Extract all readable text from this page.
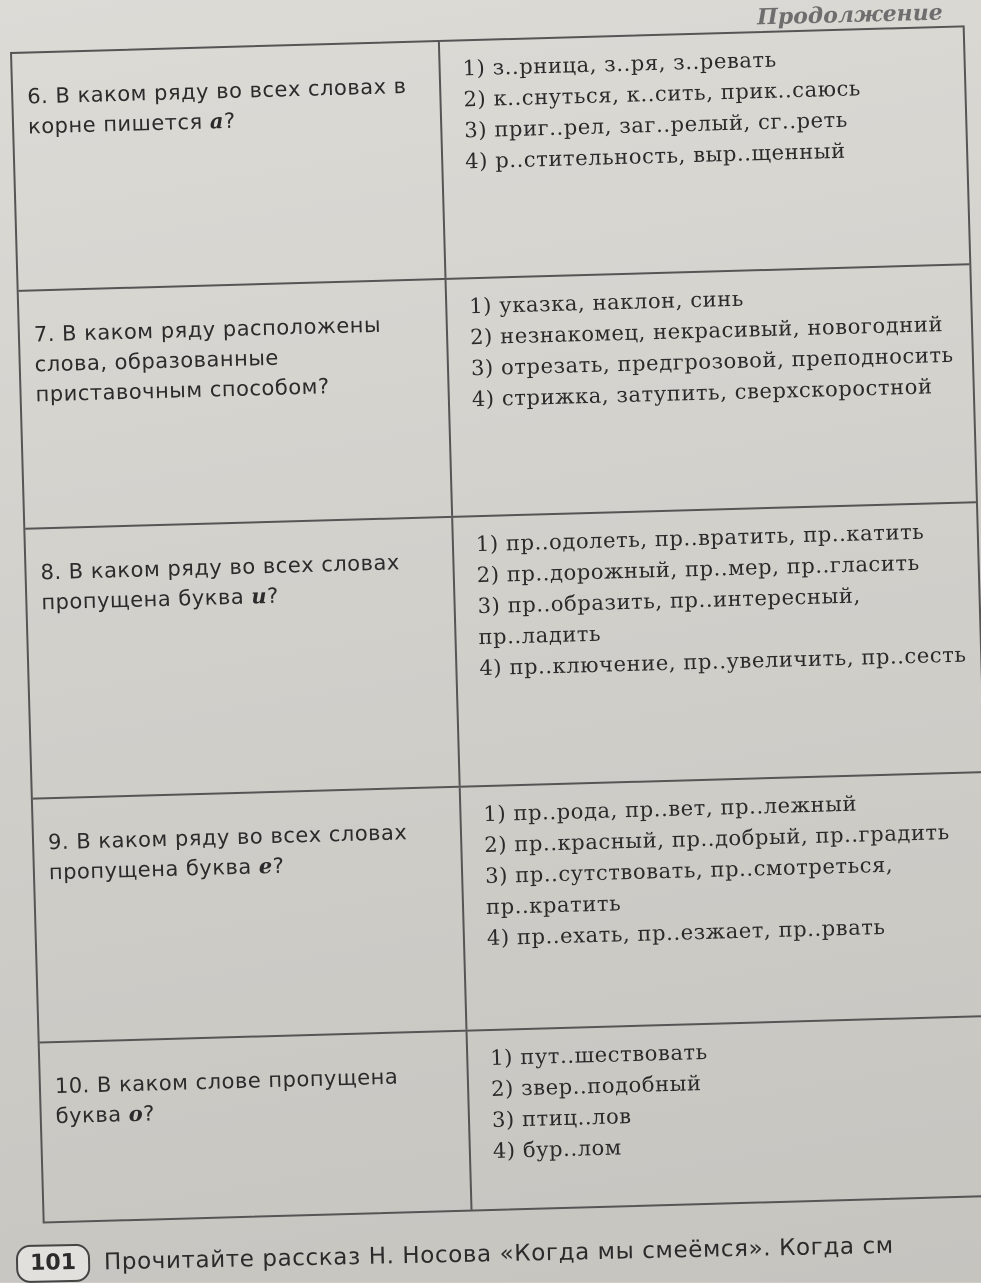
Продолжение
6. В каком ряду во всех словах в корне пишется а?
1) з..рница, з..ря, з..ревать
2) к..снуться, к..сить, прик..саюсь
3) приг..рел, заг..релый, сг..реть
4) р..стительность, выр..щенный
7. В каком ряду расположены слова, образованные приставочным способом?
1) указка, наклон, синь
2) незнакомец, некрасивый, новогодний
3) отрезать, предгрозовой, преподносить
4) стрижка, затупить, сверхскоростной
8. В каком ряду во всех словах пропущена буква и?
1) пр..одолеть, пр..вратить, пр..катить
2) пр..дорожный, пр..мер, пр..гласить
3) пр..образить, пр..интересный, пр..ладить
4) пр..ключение, пр..увеличить, пр..сесть
9. В каком ряду во всех словах пропущена буква е?
1) пр..рода, пр..вет, пр..лежный
2) пр..красный, пр..добрый, пр..градить
3) пр..сутствовать, пр..смотреться, пр..кратить
4) пр..ехать, пр..езжает, пр..рвать
10. В каком слове пропущена буква о?
1) пут..шествовать
2) звер..подобный
3) птиц..лов
4) бур..лом
101	Прочитайте рассказ Н. Носова «Когда мы смеёмся». Когда см
